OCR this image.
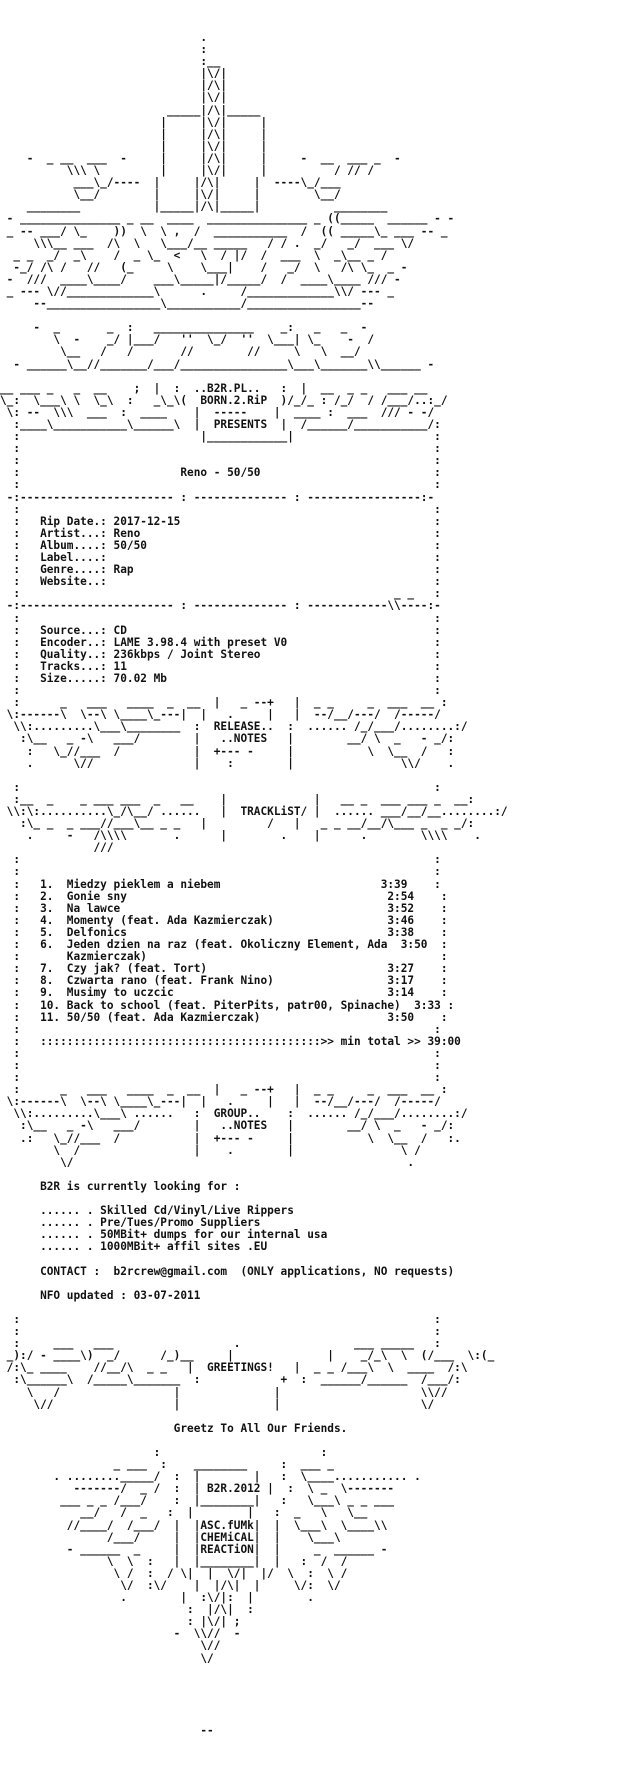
.
:
:__
|\/|
|/\|
|\/|
_____|/\|_____
|     |\/|     |
|     |/\|     |
|     |\/|     |
-  _ __  ___  -     |     |/\|     |     -  __  ___ _  -
\\\ \         |     |\/|     |          / // /
___\_/----  |     |/\|     |  ----\_/___
\__/        |     |\/|     |        \__/
________           |_____|/\|_____|           ________
- _______________ _ __  ____  _______________ _ ((_____  ______ - -
_ -- ___/ \_    ))  \  \ ,  /  ___________  /  (( _____\_ ___ -- _
\\\__ ___  /\  \   \___/__ _____   / / .  _/   _/  ___ \/
_ _  _/  _\    /  _ \_  <   \  / |/  /  ___  \  _\__ _ /
-_/ /\ /   //   (_     \    \___|    /   _/  \   /\ \_  _ -
-  ///  ____\____/    ___\_____|/_____/  /  ____\____ /// -
_ --- \//_____________\      .     /_____________\\/ --- _
--_________________\___________/_________________--

-  _       _  :   _______________    _:   _   _  -
\  -    _/ |___/   ''  \_/  ''  \___| \_    -  /
\__   /   /       //        //     \   \  __/
- ______\__//_______/___/________________\___\_______\\______ -

__ ___ _   _  __    ;  |  :  ..B2R.PL..   :  |  __  _ _   ___ __
\_:  \___\ \  \_\  :   _\_\(  BORN.2.RiP  )/_/_ : /_/  / /___/..:_/
\: --  \\\  ___  :  ____    |  -----    |  ____ :  ___  /// - -/
:____\___________\______\  |  PRESENTS  |  /______/___________/:
:                           |____________|                     :
:                                                              :
:                                                              :
:                        Reno - 50/50                          :
:                                                              :
-:----------------------- : -------------- : -----------------:-
:                                                              :
:   Rip Date.: 2017-12-15                                      :
:   Artist...: Reno                                            :
:   Album....: 50/50                                           :
:   Label....:                                                 :
:   Genre....: Rap                                             :
:   Website..:                                                 :
:                                                        _ _   :
-:----------------------- : -------------- : ------------\\----:-
:                                                              :
:   Source...: CD                                              :
:   Encoder..: LAME 3.98.4 with preset V0                      :
:   Quality..: 236kbps / Joint Stereo                          :
:   Tracks...: 11                                              :
:   Size.....: 70.02 Mb                                        :
:                                                              :
:      _   ___   ____  _  __  |   _ --+   |  _ _     _  ___  __ :
\:------\  \--\ \____\_---|  |   .     |   |  --/__/---/  /-----/
\\:.........\___\________  :  RELEASE..  :  ...... /_/___/........:/
:\__   _ -\   ___/        |   ..NOTES   |        __/ \  _   - _/:
:   \_//___  /           |  +--- -     |           \  \__  /   :
.      \//               |    :        |                \\/    .

:                                                              :
:__  _    _ ___ ___  _   __    |             |   __ _  ___ ___ _  __:
\\:\:..........\_/\__/ ......   |  TRACKLiST/ |  ...... ___/__/__........:/
:\_ _  _ ___//___\__ _ _   |         /   |   _ _ __/__/\___ _  _ _/:
.     -   /\\\\       .      |        .    |      .        \\\\    .
///
:                                                              :
:                                                              :
:   1.  Miedzy pieklem a niebem                        3:39    :
:   2.  Gonie sny                                       2:54    :
:   3.  Na lawce                                        3:52    :
:   4.  Momenty (feat. Ada Kazmierczak)                 3:46    :
:   5.  Delfonics                                       3:38    :
:   6.  Jeden dzien na raz (feat. Okoliczny Element, Ada  3:50  :
:       Kazmierczak)                                            :
:   7.  Czy jak? (feat. Tort)                           3:27    :
:   8.  Czwarta rano (feat. Frank Nino)                 3:17    :
:   9.  Musimy to uczcic                                3:14    :
:   10. Back to school (feat. PiterPits, patr00, Spinache)  3:33 :
:   11. 50/50 (feat. Ada Kazmierczak)                   3:50    :
:                                                              :
:   ::::::::::::::::::::::::::::::::::::::::::>> min total >> 39:00
:                                                              :
:                                                              :
:                                                              :
:      _   ___   ____  _  __  |   _ --+   |  _ _     _  ___  __ :
\:------\  \--\ \____\_---|  |   .     |   |  --/__/---/  /-----/
\\:.........\___\ ......   :  GROUP..    :  ...... /_/___/........:/
:\__   _ -\   ___/        |   ..NOTES   |        __/ \  _   - _/:
.:   \_//___  /           |  +--- -     |           \  \__  /   :.
\  /                 |    .        |                \ /
\/                                                  .

B2R is currently looking for :

...... . Skilled Cd/Vinyl/Live Rippers
...... . Pre/Tues/Promo Suppliers
...... . 50MBit+ dumps for our internal usa
...... . 1000MBit+ affil sites .EU

CONTACT :  b2rcrew@gmail.com  (ONLY applications, NO requests)

NFO updated : 03-07-2011

:                                                              :
:                                                              :
:     ___   ___                  .                 ___ _____   :
_):/ - ____\)  _/      /_)__     |              |    _/_\  \  (/___  \:(_
/:\_ ____    //__/\  _ _   |  GREETINGS!   |  _ _ /___\  \  ____  /:\
:\______\  /_____\_______  :            +  :  ______/______  /___/:
\   /                 |              |                     \\//
\//                  |              |                     \/

Greetz To All Our Friends.

:                        :
_ ___  :    ________     :  ___ _
. ........_____/  :  |        |   :  \____........... .
-------/  _ /  :  | B2R.2012 |  :  \ _  \-------
___ _ _ /___/    :  |________|   :   \___\ _ _ ___
__/   /  _   :  |        |   :  _   \   \__
//____/  /___/  |  |ASC.fUMk|  |  \___\  \____\\
/___/     |  |CHEMiCAL|  |    \___\
- ______  _     |  |REACTiON|  |     _  ______ -
\  \  :   |  |________|  |   :  /  /
\ /  :  / \|  |  \/|  |/  \  :  \ /
\/  :\/    |  |/\|  |     \/:  \/
.        |  :\/|:  |        .
:  |/\|  :
: |\/| ;
-  \\//  -
\//
\/

--
